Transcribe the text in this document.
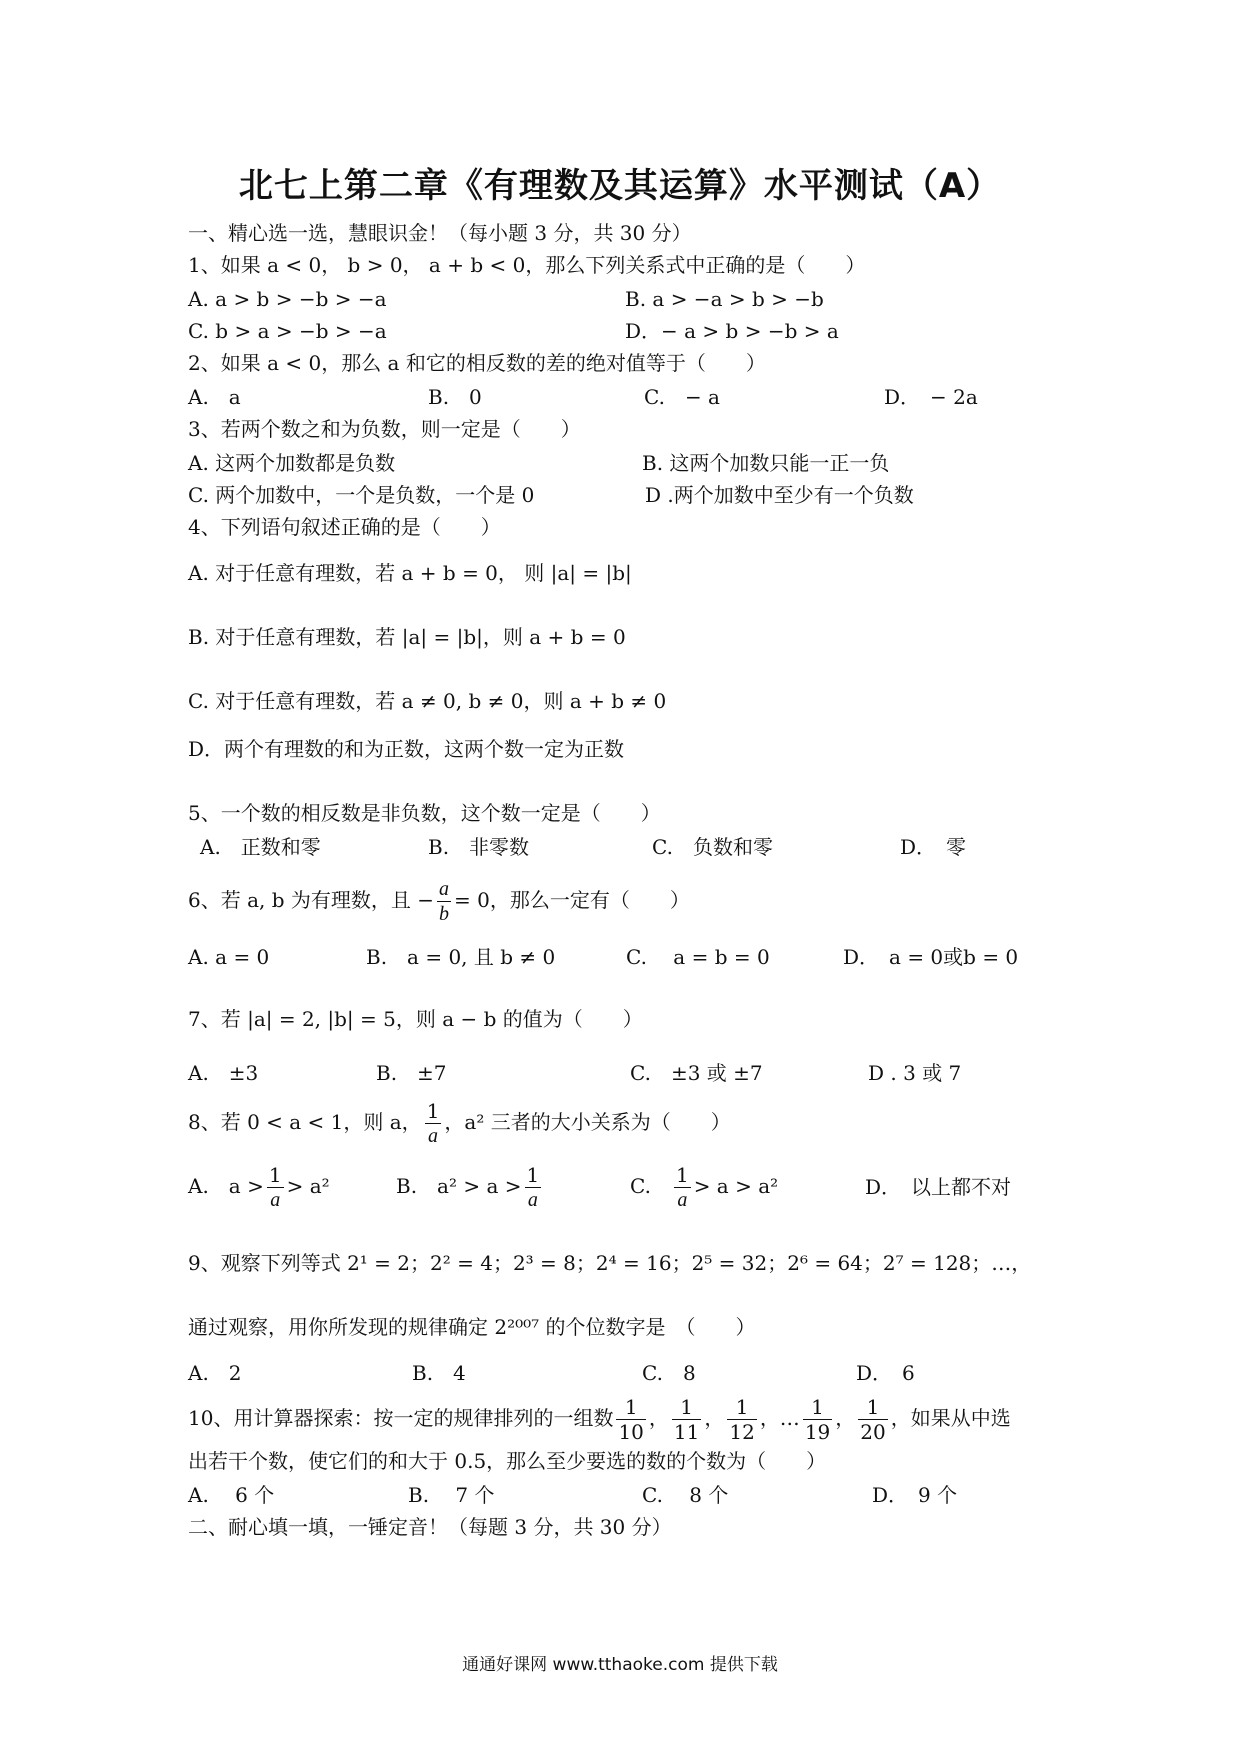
北七上第二章《有理数及其运算》水平测试（A）
一、精心选一选，慧眼识金！（每小题 3 分，共 30 分）
1、如果 a < 0， b > 0， a + b < 0，那么下列关系式中正确的是（　　）
A. a > b > −b > −a	B. a > −a > b > −b
C. b > a > −b > −a	D．− a > b > −b > a
2、如果 a < 0，那么 a 和它的相反数的差的绝对值等于（　　）
A.　a	B.　0	C.　− a	D．　− 2a
3、若两个数之和为负数，则一定是（　　）
A. 这两个加数都是负数	B. 这两个加数只能一正一负
C. 两个加数中，一个是负数，一个是 0	D .两个加数中至少有一个负数
4、下列语句叙述正确的是（　　）
A. 对于任意有理数，若 a + b = 0， 则 |a| = |b|
B. 对于任意有理数，若 |a| = |b|，则 a + b = 0
C. 对于任意有理数，若 a ≠ 0, b ≠ 0，则 a + b ≠ 0
D．两个有理数的和为正数，这两个数一定为正数
5、一个数的相反数是非负数，这个数一定是（　　）
A.　正数和零	B.　非零数	C.　负数和零	D．　零
6、若 a, b 为有理数，且 − $\frac{a}{b} = 0$，那么一定有（　　）
A. a = 0	B.　a = 0, 且 b ≠ 0	C.　 a = b = 0	D．　a = 0或b = 0
7、若 |a| = 2, |b| = 5，则 a − b 的值为（　　）
A.　±3	B.　±7	C.　±3 或 ±7	D . 3 或 7
8、若 0 < a < 1，则 a， $\frac{1}{a}$ ，a² 三者的大小关系为（　　）
A.　$a > \frac{1}{a} > a^2$	B.　$a^2 > a > \frac{1}{a}$	C.　 $\frac{1}{a} > a > a^2$	D．　以上都不对
9、观察下列等式 2¹ = 2；2² = 4；2³ = 8；2⁴ = 16；2⁵ = 32；2⁶ = 64；2⁷ = 128；…，
通过观察，用你所发现的规律确定 2²⁰⁰⁷ 的个位数字是　（　　）
A.　2	B.　4	C.　8	D．　6
10、用计算器探索：按一定的规律排列的一组数 $\frac{1}{10}$ ， $\frac{1}{11}$ ， $\frac{1}{12}$ ，… $\frac{1}{19}$ ， $\frac{1}{20}$ ，如果从中选
出若干个数，使它们的和大于 0.5，那么至少要选的数的个数为（　　）
A.　 6 个	B.　 7 个	C.　 8 个	D．　9 个
二、耐心填一填，一锤定音！（每题 3 分，共 30 分）
通通好课网 www.tthaoke.com 提供下载
